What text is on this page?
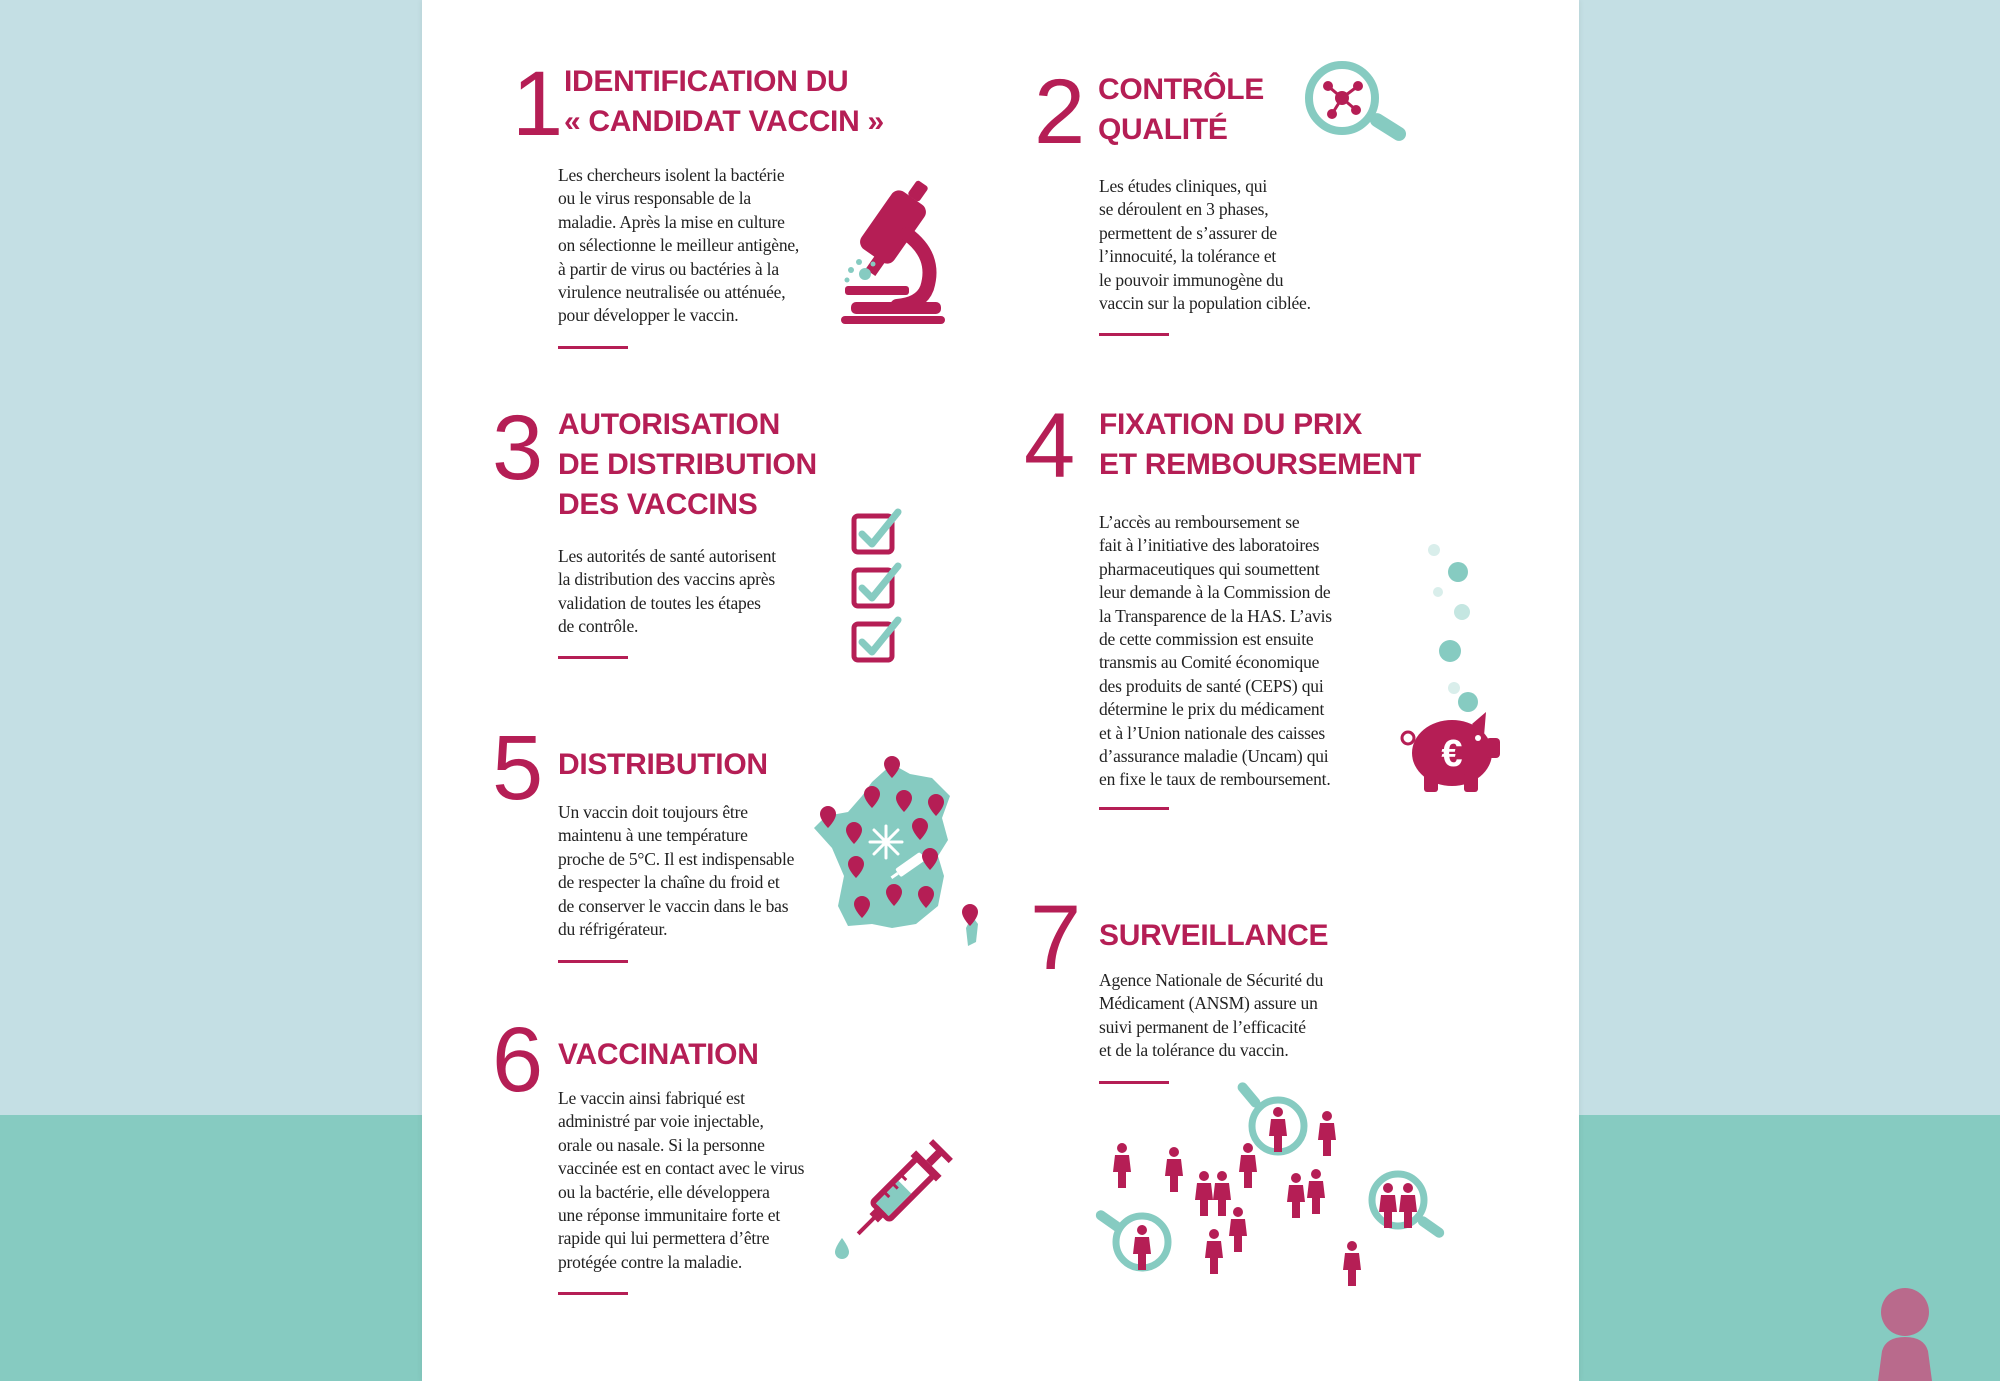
1 IDENTIFICATION DU
« CANDIDAT VACCIN »

Les chercheurs isolent la bactérie
ou le virus responsable de la
maladie. Après la mise en culture
on sélectionne le meilleur antigène,
à partir de virus ou bactéries à la
virulence neutralisée ou atténuée,
pour développer le vaccin.

2 CONTRÔLE
QUALITÉ

Les études cliniques, qui
se déroulent en 3 phases,
permettent de s’assurer de
l’innocuité, la tolérance et
le pouvoir immunogène du
vaccin sur la population ciblée.

3 AUTORISATION
DE DISTRIBUTION
DES VACCINS

Les autorités de santé autorisent
la distribution des vaccins après
validation de toutes les étapes
de contrôle.

4 FIXATION DU PRIX
ET REMBOURSEMENT

L’accès au remboursement se
fait à l’initiative des laboratoires
pharmaceutiques qui soumettent
leur demande à la Commission de
la Transparence de la HAS. L’avis
de cette commission est ensuite
transmis au Comité économique
des produits de santé (CEPS) qui
détermine le prix du médicament
et à l’Union nationale des caisses
d’assurance maladie (Uncam) qui
en fixe le taux de remboursement.

€
5 DISTRIBUTION

Un vaccin doit toujours être
maintenu à une température
proche de 5°C. Il est indispensable
de respecter la chaîne du froid et
de conserver le vaccin dans le bas
du réfrigérateur.

6 VACCINATION

Le vaccin ainsi fabriqué est
administré par voie injectable,
orale ou nasale. Si la personne
vaccinée est en contact avec le virus
ou la bactérie, elle développera
une réponse immunitaire forte et
rapide qui lui permettera d’être
protégée contre la maladie.

7 SURVEILLANCE

Agence Nationale de Sécurité du
Médicament (ANSM) assure un
suivi permanent de l’efficacité
et de la tolérance du vaccin.
